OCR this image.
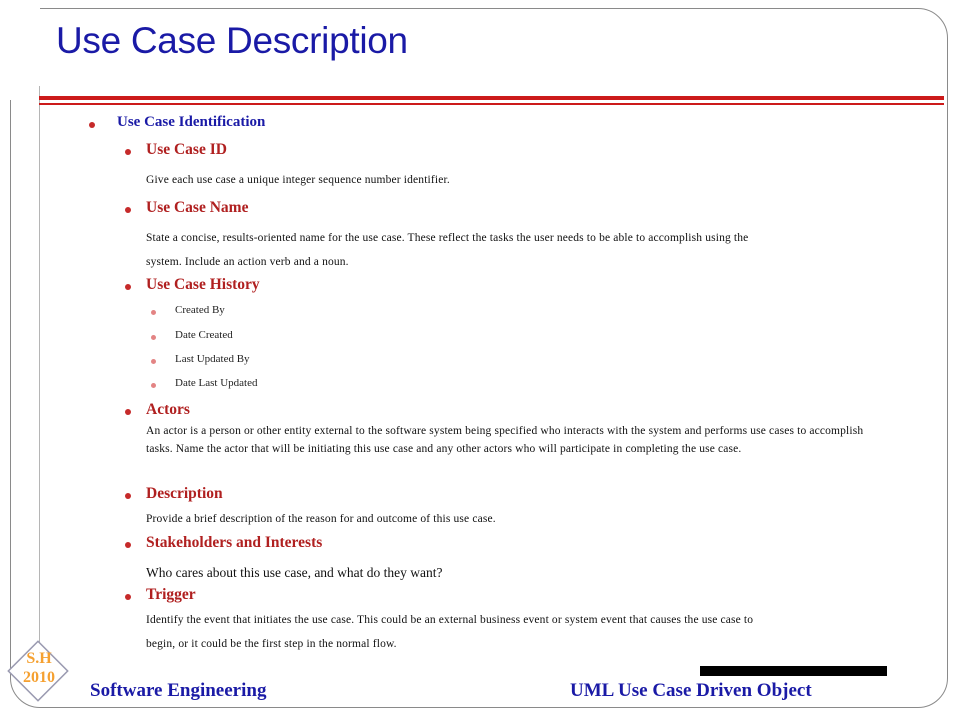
Use Case Description
Use Case Identification
Use Case ID
Give each use case a unique integer sequence number identifier.
Use Case Name
State a concise, results-oriented name for the use case. These reflect the tasks the user needs to be able to accomplish using the
system. Include an action verb and a noun.
Use Case History
Created By
Date Created
Last Updated By
Date Last Updated
Actors
An actor is a person or other entity external to the software system being specified who interacts with the system and performs use cases to accomplish tasks. Name the actor that will be initiating this use case and any other actors who will participate in completing the use case.
Description
Provide a brief description of the reason for and outcome of this use case.
Stakeholders and Interests
Who cares about this use case, and what do they want?
Trigger
Identify the event that initiates the use case. This could be an external business event or system event that causes the use case to
begin, or it could be the first step in the normal flow.
S.H
2010
Software Engineering	UML Use Case Driven Object
